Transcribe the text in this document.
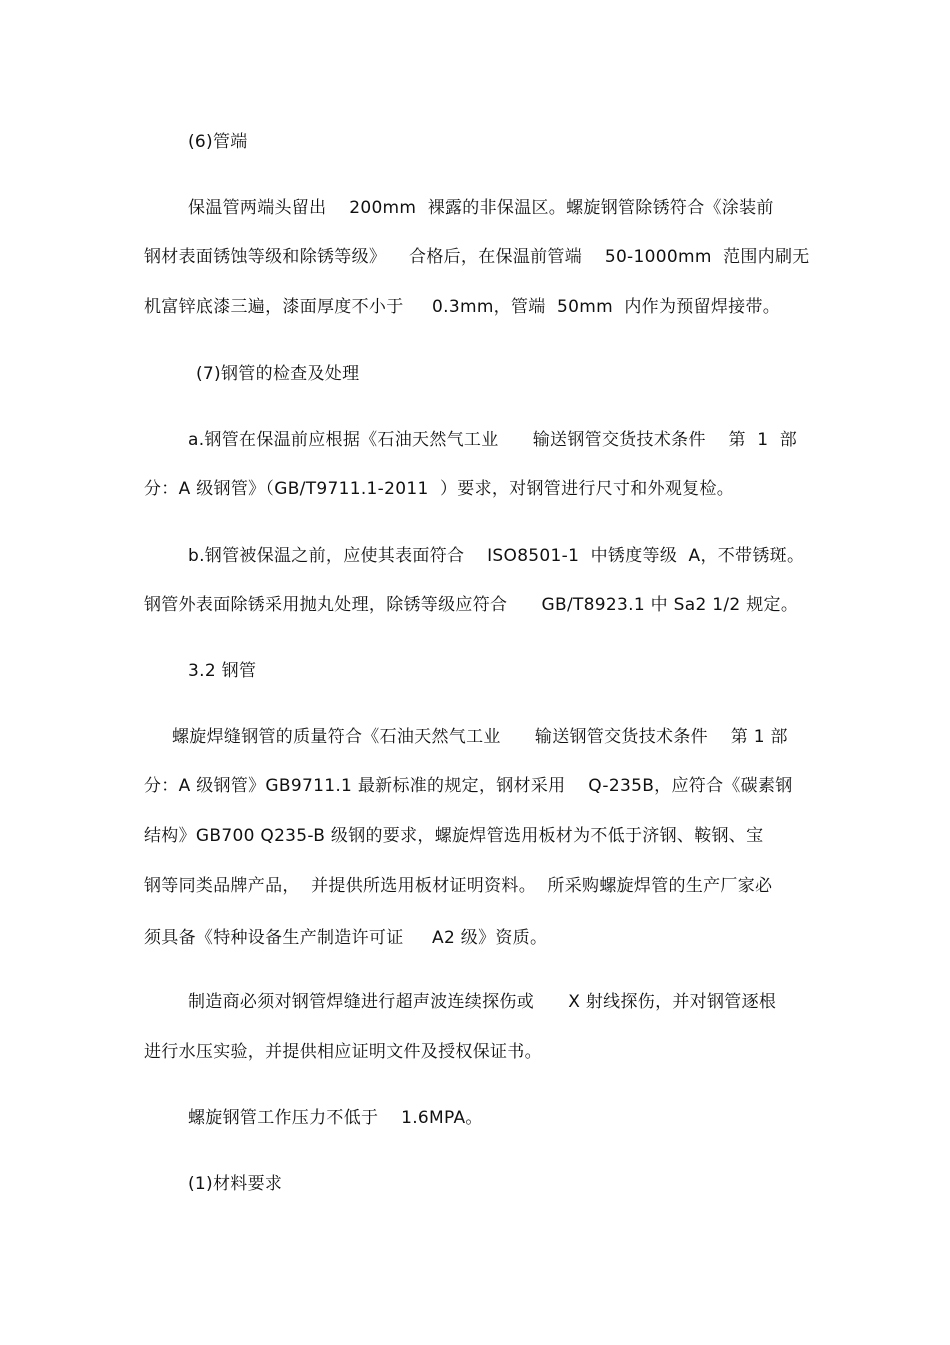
(6)管端
保温管两端头留出    200mm  裸露的非保温区。螺旋钢管除锈符合《涂装前
钢材表面锈蚀等级和除锈等级》    合格后，在保温前管端    50-1000mm  范围内刷无
机富锌底漆三遍，漆面厚度不小于     0.3mm，管端  50mm  内作为预留焊接带。
(7)钢管的检查及处理
a.钢管在保温前应根据《石油天然气工业      输送钢管交货技术条件    第  1  部
分：A 级钢管》（GB/T9711.1-2011  ）要求，对钢管进行尺寸和外观复检。
b.钢管被保温之前，应使其表面符合    ISO8501-1  中锈度等级  A，不带锈斑。
钢管外表面除锈采用抛丸处理，除锈等级应符合      GB/T8923.1 中 Sa2 1/2 规定。
3.2 钢管
螺旋焊缝钢管的质量符合《石油天然气工业      输送钢管交货技术条件    第 1 部
分：A 级钢管》GB9711.1 最新标准的规定，钢材采用    Q-235B，应符合《碳素钢
结构》GB700 Q235-B 级钢的要求，螺旋焊管选用板材为不低于济钢、鞍钢、宝
钢等同类品牌产品，  并提供所选用板材证明资料。  所采购螺旋焊管的生产厂家必
须具备《特种设备生产制造许可证     A2 级》资质。
制造商必须对钢管焊缝进行超声波连续探伤或      X 射线探伤，并对钢管逐根
进行水压实验，并提供相应证明文件及授权保证书。
螺旋钢管工作压力不低于    1.6MPA。
(1)材料要求
